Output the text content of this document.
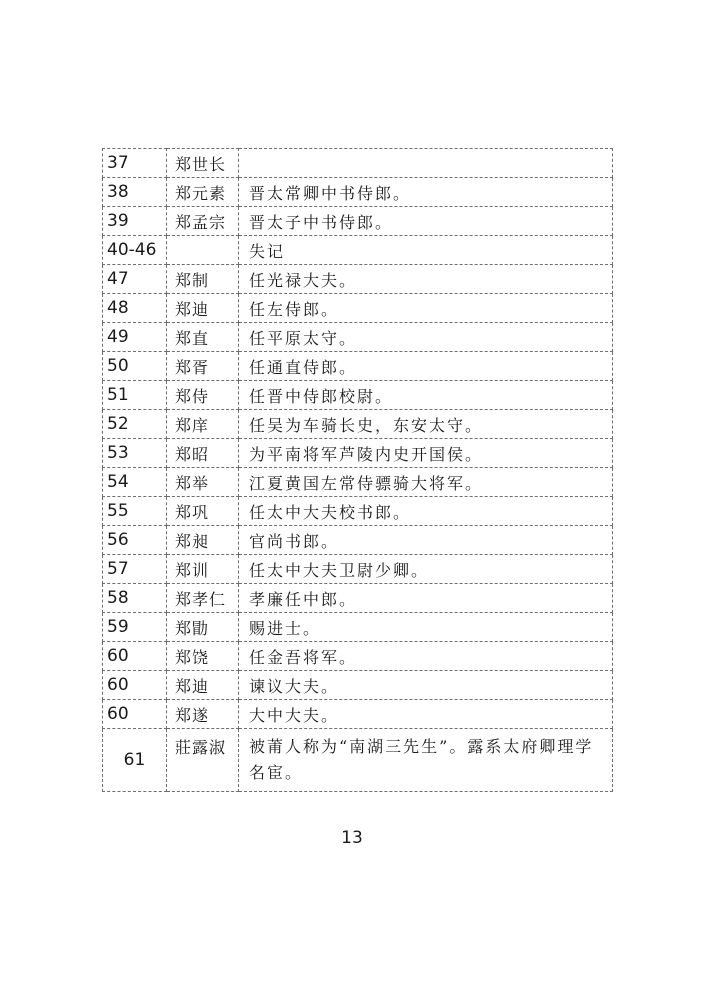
37	郑世长	
38	郑元素	晋太常卿中书侍郎。
39	郑孟宗	晋太子中书侍郎。
40-46		失记
47	郑制	任光禄大夫。
48	郑迪	任左侍郎。
49	郑直	任平原太守。
50	郑胥	任通直侍郎。
51	郑侍	任晋中侍郎校尉。
52	郑庠	任吴为车骑长史，东安太守。
53	郑昭	为平南将军芦陵内史开国侯。
54	郑举	江夏黄国左常侍骠骑大将军。
55	郑巩	任太中大夫校书郎。
56	郑昶	官尚书郎。
57	郑训	任太中大夫卫尉少卿。
58	郑孝仁	孝廉任中郎。
59	郑勖	赐进士。
60	郑饶	任金吾将军。
60	郑迪	谏议大夫。
60	郑遂	大中大夫。
61	莊露淑	被莆人称为“南湖三先生”。露系太府卿理学名宦。
13
